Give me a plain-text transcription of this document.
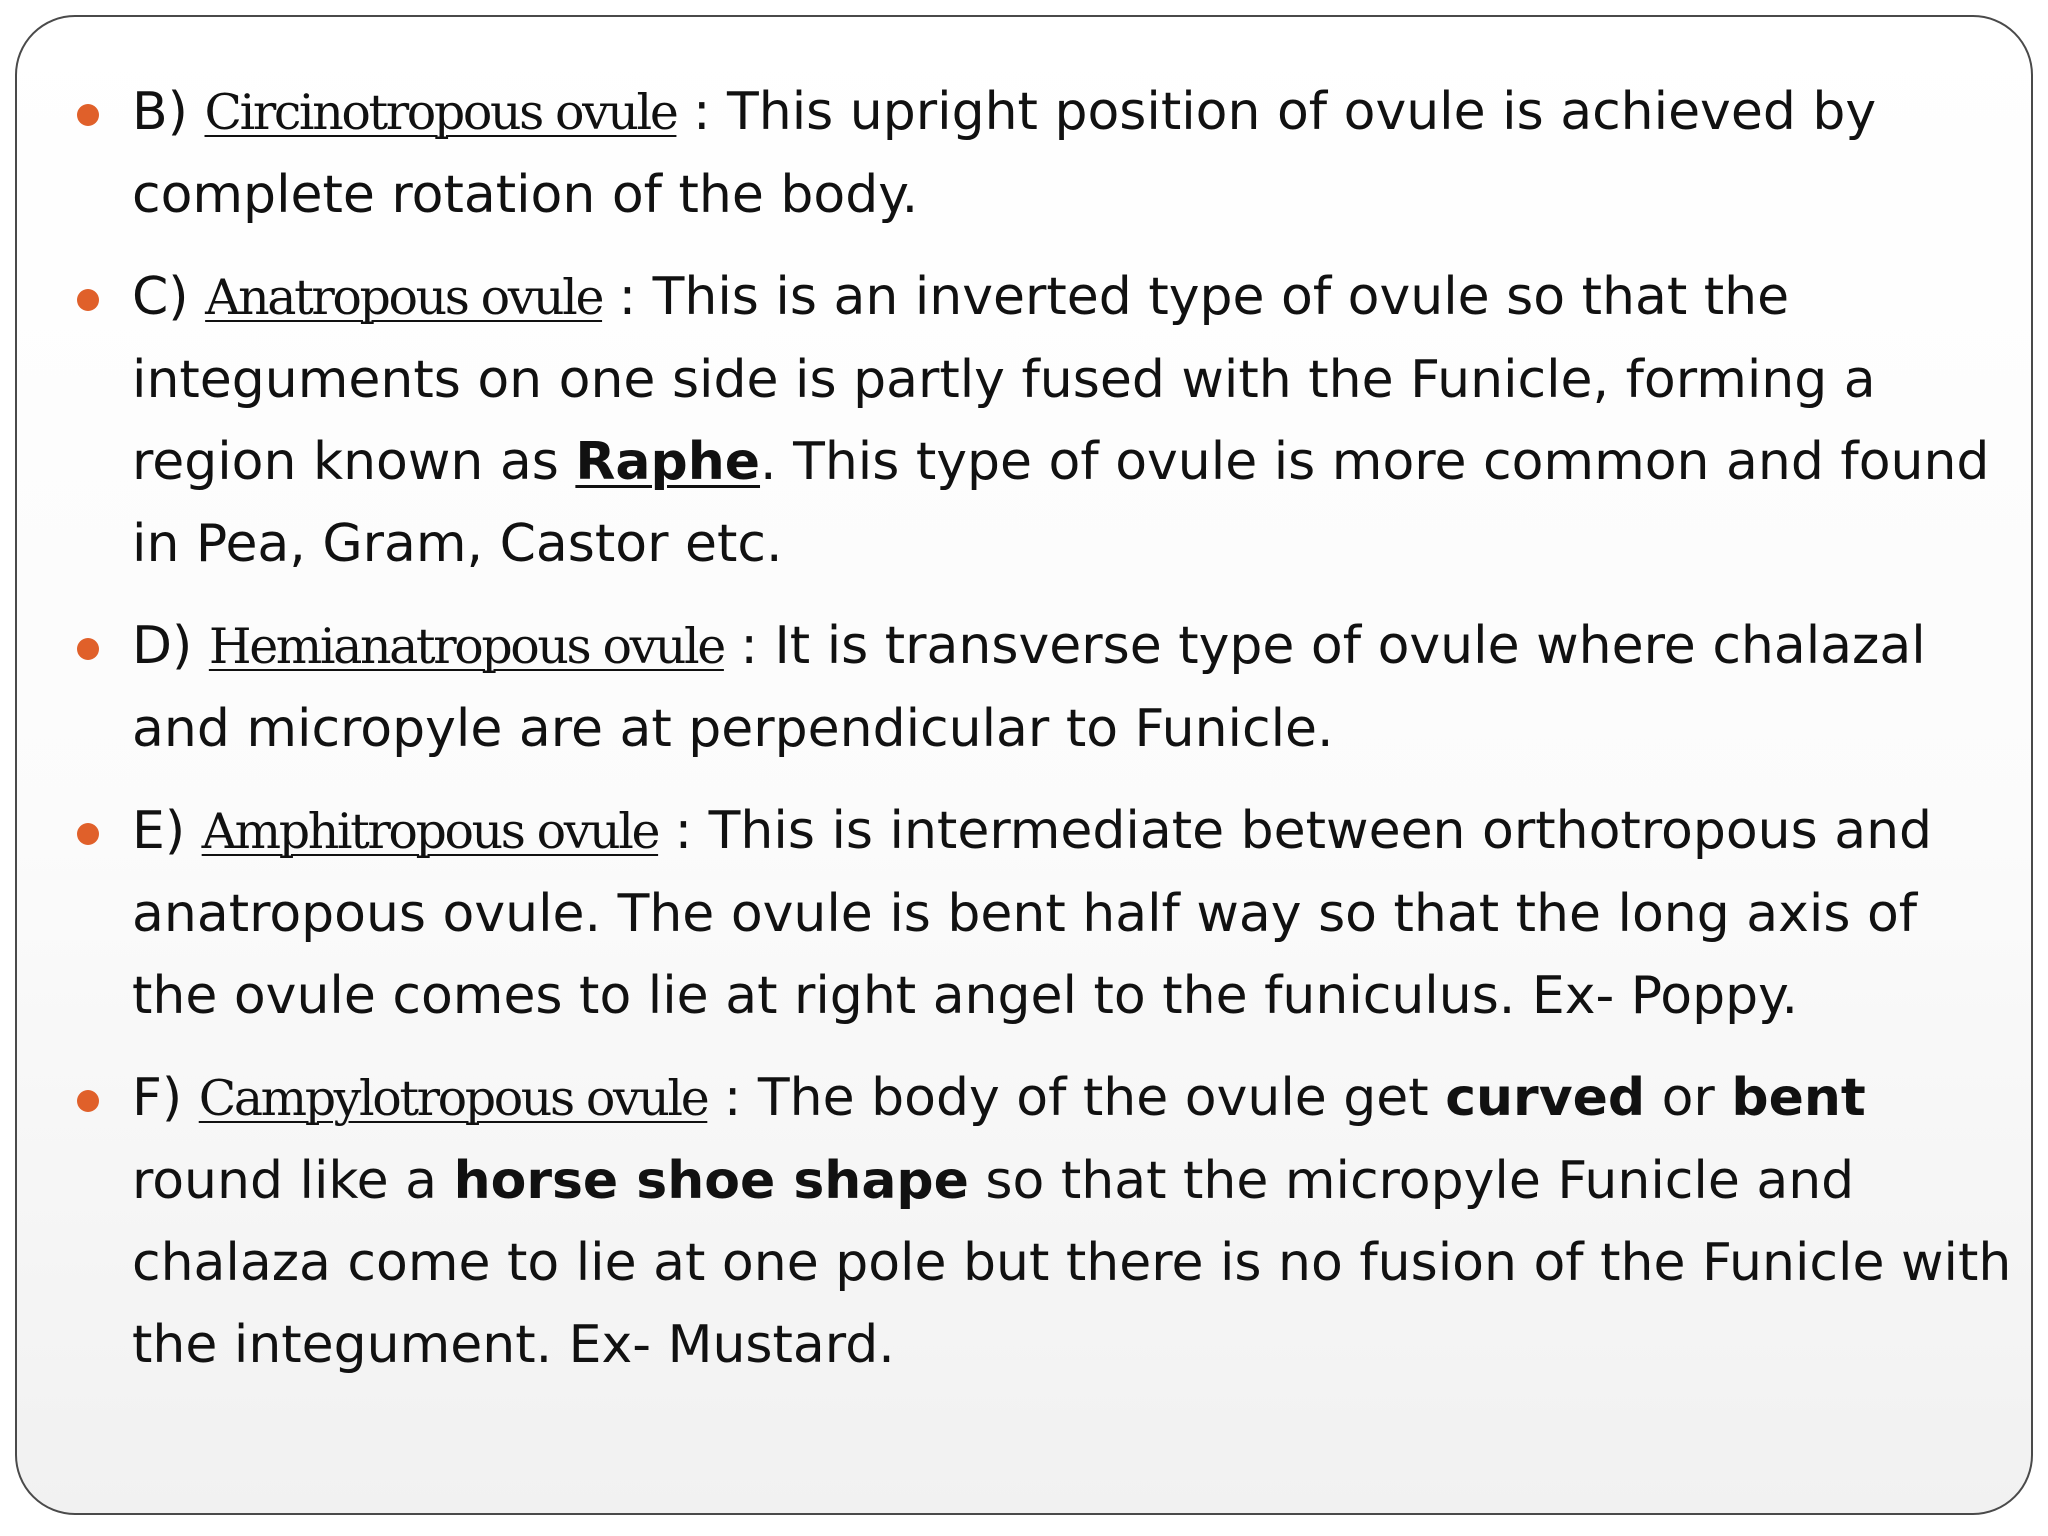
B) Circinotropous ovule : This upright position of ovule is achieved by complete rotation of the body.
C) Anatropous ovule : This is an inverted type of ovule so that the integuments on one side is partly fused with the Funicle, forming a region known as Raphe. This type of ovule is more common and found in Pea, Gram, Castor etc.
D) Hemianatropous ovule : It is transverse type of ovule where chalazal and micropyle are at perpendicular to Funicle.
E) Amphitropous ovule : This is intermediate between orthotropous and anatropous ovule. The ovule is bent half way so that the long axis of the ovule comes to lie at right angel to the funiculus. Ex- Poppy.
F) Campylotropous ovule : The body of the ovule get curved or bent round like a horse shoe shape so that the micropyle Funicle and chalaza come to lie at one pole but there is no fusion of the Funicle with the integument. Ex- Mustard.
